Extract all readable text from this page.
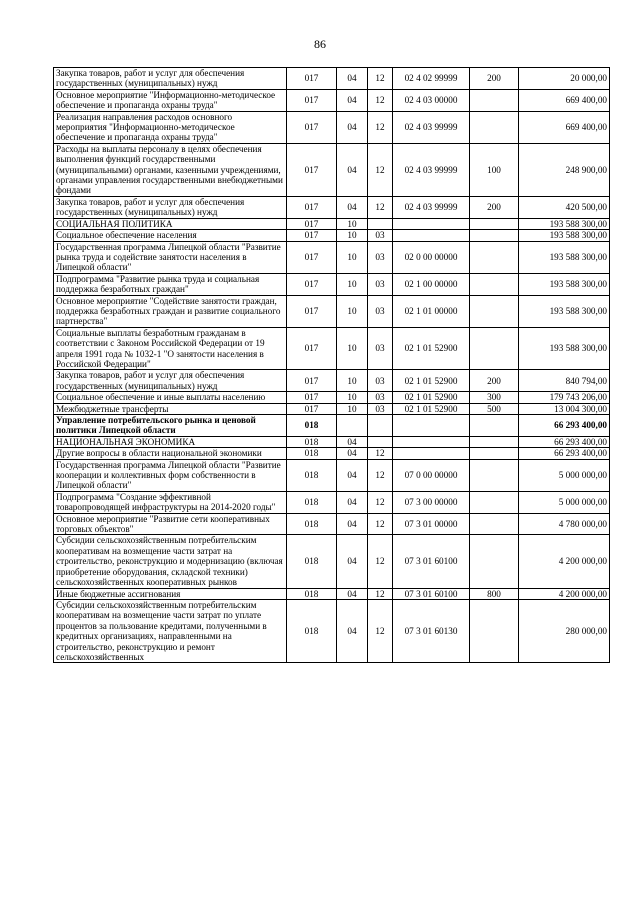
86
Закупка товаров, работ и услуг для обеспечения государственных (муниципальных) нужд	017	04	12	02 4 02 99999	200	20 000,00
Основное мероприятие "Информационно-методическое обеспечение и пропаганда охраны труда"	017	04	12	02 4 03 00000		669 400,00
Реализация направления расходов основного мероприятия "Информационно-методическое обеспечение и пропаганда охраны труда"	017	04	12	02 4 03 99999		669 400,00
Расходы на выплаты персоналу в целях обеспечения выполнения функций государственными (муниципальными) органами, казенными учреждениями, органами управления государственными внебюджетными фондами	017	04	12	02 4 03 99999	100	248 900,00
Закупка товаров, работ и услуг для обеспечения государственных (муниципальных) нужд	017	04	12	02 4 03 99999	200	420 500,00
СОЦИАЛЬНАЯ ПОЛИТИКА	017	10				193 588 300,00
Социальное обеспечение населения	017	10	03			193 588 300,00
Государственная программа Липецкой области "Развитие рынка труда и содействие занятости населения в Липецкой области"	017	10	03	02 0 00 00000		193 588 300,00
Подпрограмма "Развитие рынка труда и социальная поддержка безработных граждан"	017	10	03	02 1 00 00000		193 588 300,00
Основное мероприятие "Содействие занятости граждан, поддержка безработных граждан и развитие социального партнерства"	017	10	03	02 1 01 00000		193 588 300,00
Социальные выплаты безработным гражданам в соответствии с Законом Российской Федерации от 19 апреля 1991 года № 1032-1 "О занятости населения в Российской Федерации"	017	10	03	02 1 01 52900		193 588 300,00
Закупка товаров, работ и услуг для обеспечения государственных (муниципальных) нужд	017	10	03	02 1 01 52900	200	840 794,00
Социальное обеспечение и иные выплаты населению	017	10	03	02 1 01 52900	300	179 743 206,00
Межбюджетные трансферты	017	10	03	02 1 01 52900	500	13 004 300,00
Управление потребительского рынка и ценовой политики Липецкой области	018					66 293 400,00
НАЦИОНАЛЬНАЯ ЭКОНОМИКА	018	04				66 293 400,00
Другие вопросы в области национальной экономики	018	04	12			66 293 400,00
Государственная программа Липецкой области "Развитие кооперации и коллективных форм собственности в Липецкой области"	018	04	12	07 0 00 00000		5 000 000,00
Подпрограмма "Создание эффективной товаропроводящей инфраструктуры на 2014-2020 годы"	018	04	12	07 3 00 00000		5 000 000,00
Основное мероприятие "Развитие сети кооперативных торговых объектов"	018	04	12	07 3 01 00000		4 780 000,00
Субсидии сельскохозяйственным потребительским кооперативам на возмещение части затрат на строительство, реконструкцию и модернизацию (включая приобретение оборудования, складской техники) сельскохозяйственных кооперативных рынков	018	04	12	07 3 01 60100		4 200 000,00
Иные бюджетные ассигнования	018	04	12	07 3 01 60100	800	4 200 000,00
Субсидии сельскохозяйственным потребительским кооперативам на возмещение части затрат по уплате процентов за пользование кредитами, полученными в кредитных организациях, направленными на строительство, реконструкцию и ремонт сельскохозяйственных	018	04	12	07 3 01 60130		280 000,00
